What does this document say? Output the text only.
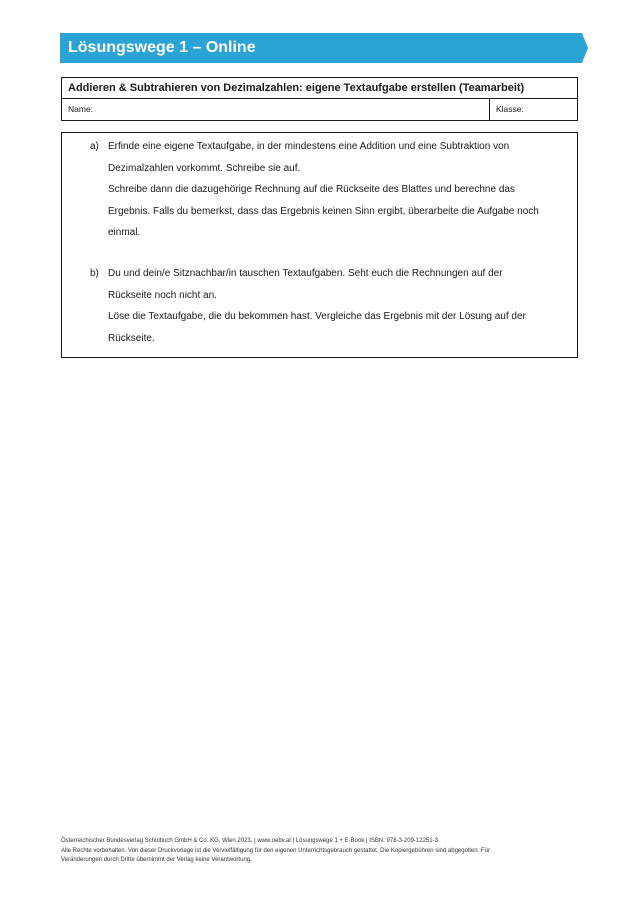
Lösungswege 1 – Online
Addieren & Subtrahieren von Dezimalzahlen: eigene Textaufgabe erstellen (Teamarbeit)
Name:	Klasse:
a) Erfinde eine eigene Textaufgabe, in der mindestens eine Addition und eine Subtraktion von

Dezimalzahlen vorkommt. Schreibe sie auf.

Schreibe dann die dazugehörige Rechnung auf die Rückseite des Blattes und berechne das

Ergebnis. Falls du bemerkst, dass das Ergebnis keinen Sinn ergibt, überarbeite die Aufgabe noch

einmal.

b) Du und dein/e Sitznachbar/in tauschen Textaufgaben. Seht euch die Rechnungen auf der

Rückseite noch nicht an.

Löse die Textaufgabe, die du bekommen hast. Vergleiche das Ergebnis mit der Lösung auf der

Rückseite.

Österreichischer Bundesverlag Schulbuch GmbH & Co. KG, Wien 2023. | www.oebv.at | Lösungswege 1 + E-Book | ISBN: 978-3-209-12251-3
Alle Rechte vorbehalten. Von dieser Druckvorlage ist die Vervielfältigung für den eigenen Unterrichtsgebrauch gestattet. Die Kopiergebühren sind abgegolten. Für
Veränderungen durch Dritte übernimmt der Verlag keine Verantwortung.
